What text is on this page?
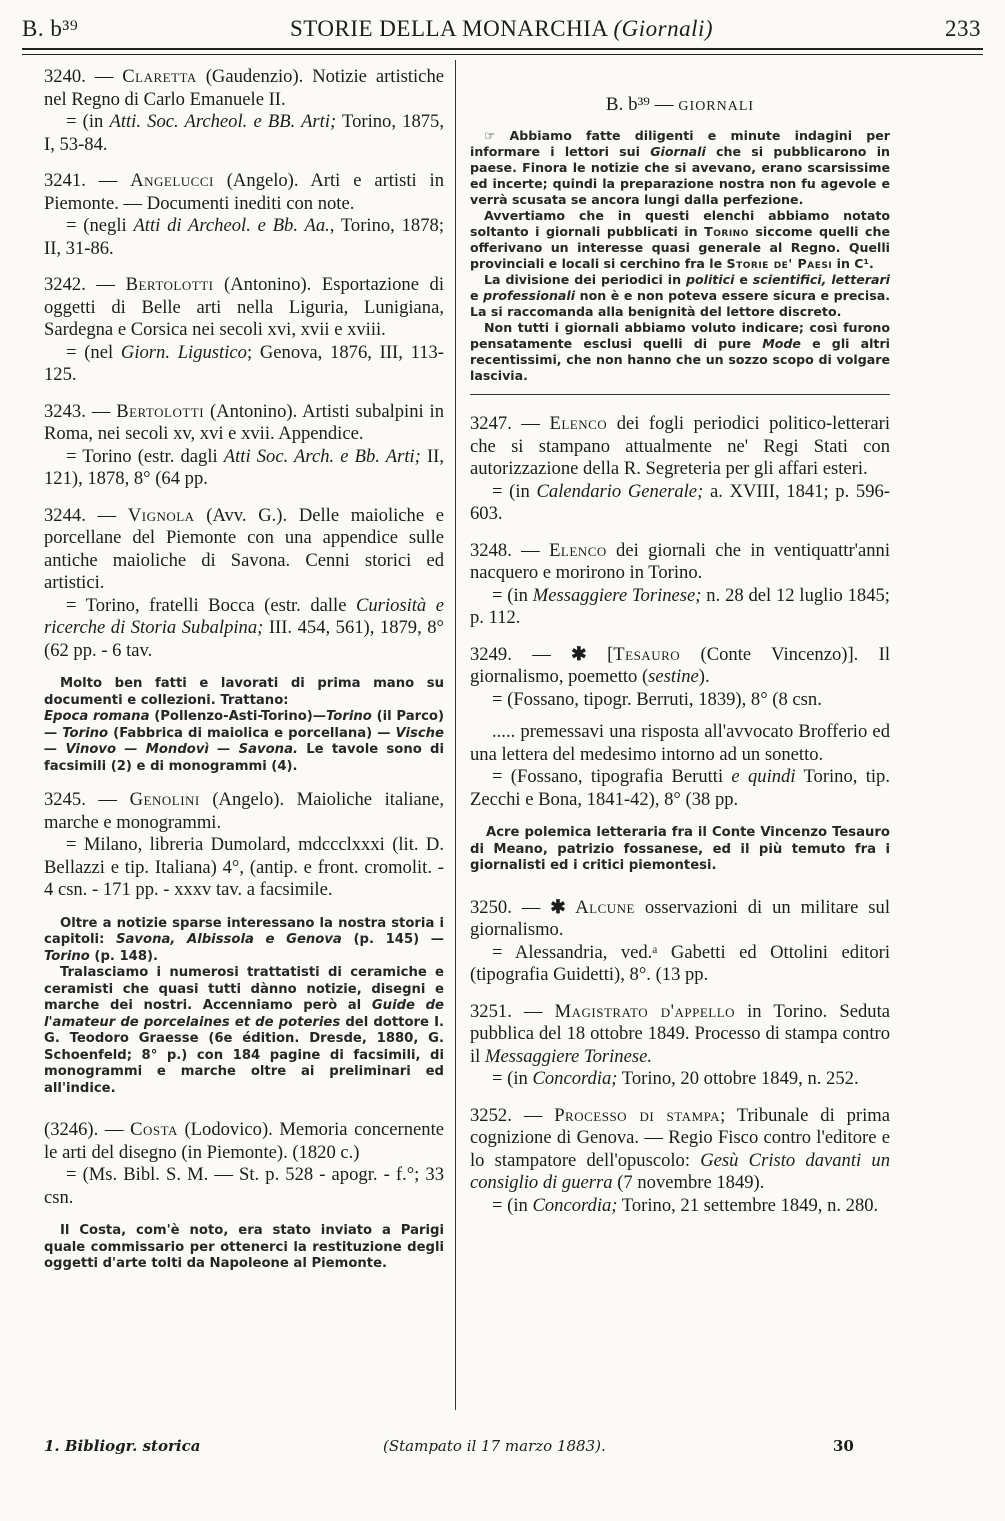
B. b³⁹	STORIE DELLA MONARCHIA (Giornali)	233

3240. — Claretta (Gaudenzio). Notizie artistiche nel Regno di Carlo Emanuele II.

= (in Atti. Soc. Archeol. e BB. Arti; Torino, 1875, I, 53-84.

3241. — Angelucci (Angelo). Arti e artisti in Piemonte. — Documenti inediti con note.

= (negli Atti di Archeol. e Bb. Aa., Torino, 1878; II, 31-86.

3242. — Bertolotti (Antonino). Esportazione di oggetti di Belle arti nella Liguria, Lunigiana, Sardegna e Corsica nei secoli xvi, xvii e xviii.

= (nel Giorn. Ligustico; Genova, 1876, III, 113-125.

3243. — Bertolotti (Antonino). Artisti subalpini in Roma, nei secoli xv, xvi e xvii. Appendice.

= Torino (estr. dagli Atti Soc. Arch. e Bb. Arti; II, 121), 1878, 8° (64 pp.

3244. — Vignola (Avv. G.). Delle maioliche e porcellane del Piemonte con una appendice sulle antiche maioliche di Savona. Cenni storici ed artistici.

= Torino, fratelli Bocca (estr. dalle Curiosità e ricerche di Storia Subalpina; III. 454, 561), 1879, 8° (62 pp. - 6 tav.

Molto ben fatti e lavorati di prima mano su documenti e collezioni. Trattano:
Epoca romana (Pollenzo-Asti-Torino)—Torino (il Parco) — Torino (Fabbrica di maiolica e porcellana) — Vische — Vinovo — Mondovì — Savona. Le tavole sono di facsimili (2) e di monogrammi (4).

3245. — Genolini (Angelo). Maioliche italiane, marche e monogrammi.

= Milano, libreria Dumolard, mdccclxxxi (lit. D. Bellazzi e tip. Italiana) 4°, (antip. e front. cromolit. - 4 csn. - 171 pp. - xxxv tav. a facsimile.

Oltre a notizie sparse interessano la nostra storia i capitoli: Savona, Albissola e Genova (p. 145) — Torino (p. 148).

Tralasciamo i numerosi trattatisti di ceramiche e ceramisti che quasi tutti dànno notizie, disegni e marche dei nostri. Accenniamo però al Guide de l'amateur de porcelaines et de poteries del dottore I. G. Teodoro Graesse (6e édition. Dresde, 1880, G. Schoenfeld; 8° p.) con 184 pagine di facsimili, di monogrammi e marche oltre ai preliminari ed all'indice.

(3246). — Costa (Lodovico). Memoria concernente le arti del disegno (in Piemonte). (1820 c.)

= (Ms. Bibl. S. M. — St. p. 528 - apogr. - f.°; 33 csn.

Il Costa, com'è noto, era stato inviato a Parigi quale commissario per ottenerci la restituzione degli oggetti d'arte tolti da Napoleone al Piemonte.

B. b³⁹ — GIORNALI

☞ Abbiamo fatte diligenti e minute indagini per informare i lettori sui Giornali che si pubblicarono in paese. Finora le notizie che si avevano, erano scarsissime ed incerte; quindi la preparazione nostra non fu agevole e verrà scusata se ancora lungi dalla perfezione.

Avvertiamo che in questi elenchi abbiamo notato soltanto i giornali pubblicati in Torino siccome quelli che offerivano un interesse quasi generale al Regno. Quelli provinciali e locali si cerchino fra le Storie de' Paesi in C¹.

La divisione dei periodici in politici e scientifici, letterari e professionali non è e non poteva essere sicura e precisa. La si raccomanda alla benignità del lettore discreto.

Non tutti i giornali abbiamo voluto indicare; così furono pensatamente esclusi quelli di pure Mode e gli altri recentissimi, che non hanno che un sozzo scopo di volgare lascivia.

3247. — Elenco dei fogli periodici politico-letterari che si stampano attualmente ne' Regi Stati con autorizzazione della R. Segreteria per gli affari esteri.

= (in Calendario Generale; a. XVIII, 1841; p. 596-603.

3248. — Elenco dei giornali che in ventiquattr'anni nacquero e morirono in Torino.

= (in Messaggiere Torinese; n. 28 del 12 luglio 1845; p. 112.

3249. — ✱ [Tesauro (Conte Vincenzo)]. Il giornalismo, poemetto (sestine).

= (Fossano, tipogr. Berruti, 1839), 8° (8 csn.

..... premessavi una risposta all'avvocato Brofferio ed una lettera del medesimo intorno ad un sonetto.

= (Fossano, tipografia Berutti e quindi Torino, tip. Zecchi e Bona, 1841-42), 8° (38 pp.

Acre polemica letteraria fra il Conte Vincenzo Tesauro di Meano, patrizio fossanese, ed il più temuto fra i giornalisti ed i critici piemontesi.

3250. — ✱ Alcune osservazioni di un militare sul giornalismo.

= Alessandria, ved.ᵃ Gabetti ed Ottolini editori (tipografia Guidetti), 8°. (13 pp.

3251. — Magistrato d'appello in Torino. Seduta pubblica del 18 ottobre 1849. Processo di stampa contro il Messaggiere Torinese.

= (in Concordia; Torino, 20 ottobre 1849, n. 252.

3252. — Processo di stampa; Tribunale di prima cognizione di Genova. — Regio Fisco contro l'editore e lo stampatore dell'opuscolo: Gesù Cristo davanti un consiglio di guerra (7 novembre 1849).

= (in Concordia; Torino, 21 settembre 1849, n. 280.

1. Bibliogr. storica	(Stampato il 17 marzo 1883).	30
